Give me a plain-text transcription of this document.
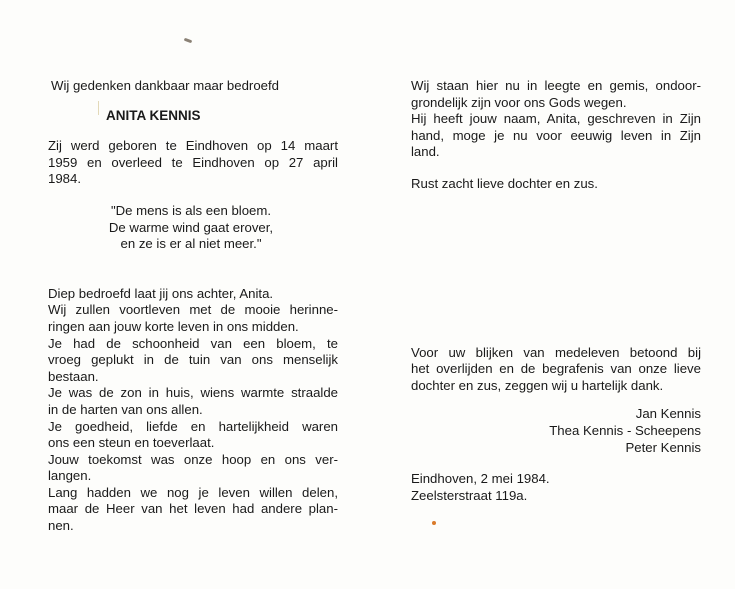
Wij gedenken dankbaar maar bedroefd
ANITA KENNIS
Zij werd geboren te Eindhoven op 14 maart
1959 en overleed te Eindhoven op 27 april
1984.
"De mens is als een bloem.
De warme wind gaat erover,
en ze is er al niet meer."
Diep bedroefd laat jij ons achter, Anita.
Wij zullen voortleven met de mooie herinne-
ringen aan jouw korte leven in ons midden.
Je had de schoonheid van een bloem, te
vroeg geplukt in de tuin van ons menselijk
bestaan.
Je was de zon in huis, wiens warmte straalde
in de harten van ons allen.
Je goedheid, liefde en hartelijkheid waren
ons een steun en toeverlaat.
Jouw toekomst was onze hoop en ons ver-
langen.
Lang hadden we nog je leven willen delen,
maar de Heer van het leven had andere plan-
nen.
Wij staan hier nu in leegte en gemis, ondoor-
grondelijk zijn voor ons Gods wegen.
Hij heeft jouw naam, Anita, geschreven in Zijn
hand, moge je nu voor eeuwig leven in Zijn
land.
Rust zacht lieve dochter en zus.
Voor uw blijken van medeleven betoond bij
het overlijden en de begrafenis van onze lieve
dochter en zus, zeggen wij u hartelijk dank.
Jan Kennis
Thea Kennis - Scheepens
Peter Kennis
Eindhoven, 2 mei 1984.
Zeelsterstraat 119a.
